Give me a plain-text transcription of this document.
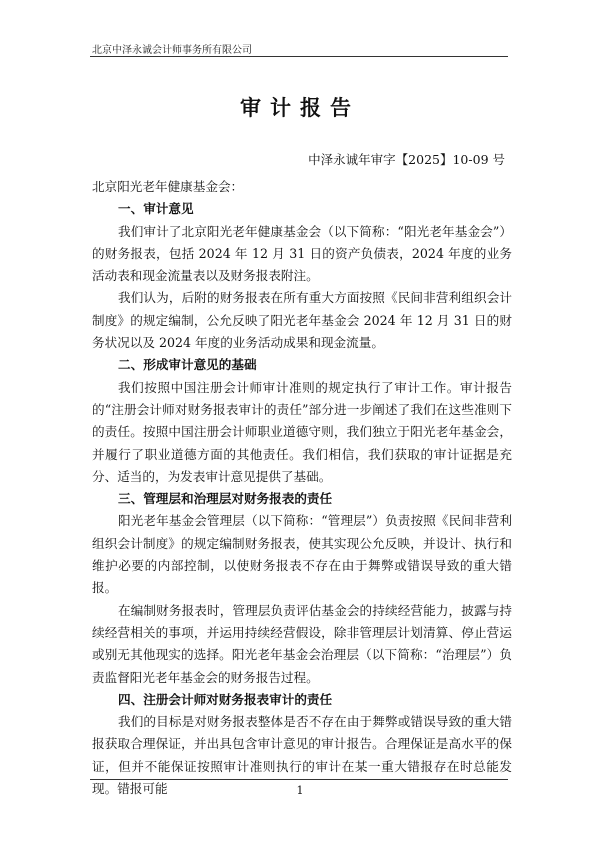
北京中泽永诚会计师事务所有限公司
审计报告
中泽永诚年审字【2025】10-09 号

北京阳光老年健康基金会：

一、审计意见

我们审计了北京阳光老年健康基金会（以下简称：“阳光老年基金会”）的财务报表，包括 2024 年 12 月 31 日的资产负债表，2024 年度的业务活动表和现金流量表以及财务报表附注。

我们认为，后附的财务报表在所有重大方面按照《民间非营利组织会计制度》的规定编制，公允反映了阳光老年基金会 2024 年 12 月 31 日的财务状况以及 2024 年度的业务活动成果和现金流量。

二、形成审计意见的基础

我们按照中国注册会计师审计准则的规定执行了审计工作。审计报告的“注册会计师对财务报表审计的责任”部分进一步阐述了我们在这些准则下的责任。按照中国注册会计师职业道德守则，我们独立于阳光老年基金会，并履行了职业道德方面的其他责任。我们相信，我们获取的审计证据是充分、适当的，为发表审计意见提供了基础。

三、管理层和治理层对财务报表的责任

阳光老年基金会管理层（以下简称：“管理层”）负责按照《民间非营利组织会计制度》的规定编制财务报表，使其实现公允反映，并设计、执行和维护必要的内部控制，以使财务报表不存在由于舞弊或错误导致的重大错报。

在编制财务报表时，管理层负责评估基金会的持续经营能力，披露与持续经营相关的事项，并运用持续经营假设，除非管理层计划清算、停止营运或别无其他现实的选择。阳光老年基金会治理层（以下简称：“治理层”）负责监督阳光老年基金会的财务报告过程。

四、注册会计师对财务报表审计的责任

我们的目标是对财务报表整体是否不存在由于舞弊或错误导致的重大错报获取合理保证，并出具包含审计意见的审计报告。合理保证是高水平的保证，但并不能保证按照审计准则执行的审计在某一重大错报存在时总能发现。错报可能	1
